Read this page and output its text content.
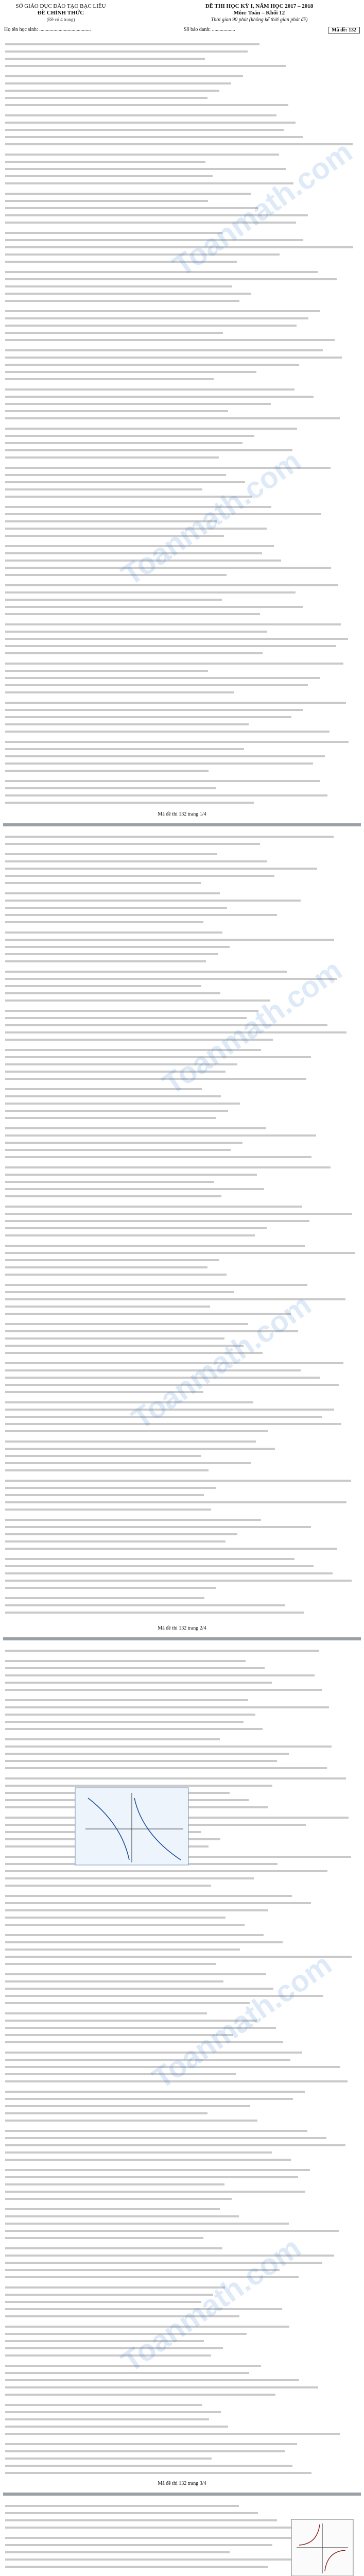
SỞ GIÁO DỤC ĐÀO TẠO BẠC LIÊU
ĐỀ CHÍNH THỨC
(Đề có 4 trang)
ĐỀ THI HỌC KỲ I, NĂM HỌC 2017 – 2018
Môn: Toán – Khối 12
Thời gian 90 phút (không kể thời gian phát đề)
Họ tên học sinh: ........................................	Số báo danh: ..................	Mã đề: 132
Toanmath.com
Toanmath.com
Mã đề thi 132 trang 1/4
Toanmath.com
Toanmath.com
Mã đề thi 132 trang 2/4
Toanmath.com
Mã đề thi 132 trang 3/4
